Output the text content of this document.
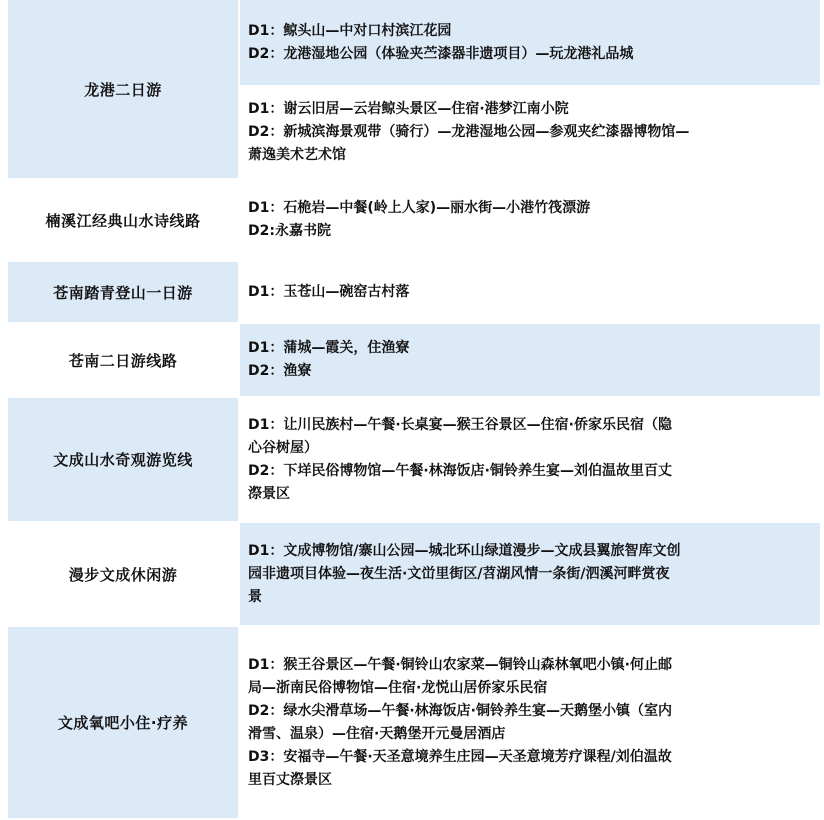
龙港二日游
D1：鲸头山—中对口村滨江花园
D2：龙港湿地公园（体验夹苎漆器非遗项目）—玩龙港礼品城
D1：谢云旧居—云岩鲸头景区—住宿·港梦江南小院
D2：新城滨海景观带（骑行）—龙港湿地公园—参观夹纻漆器博物馆—
萧逸美术艺术馆
楠溪江经典山水诗线路
D1：石桅岩—中餐(岭上人家)—丽水街—小港竹筏漂游
D2:永嘉书院
苍南踏青登山一日游	D1：玉苍山—碗窑古村落
苍南二日游线路
D1：蒲城—霞关，住渔寮
D2：渔寮
文成山水奇观游览线
D1：让川民族村—午餐·长桌宴—猴王谷景区—住宿·侨家乐民宿（隐
心谷树屋）
D2：下垟民俗博物馆—午餐·林海饭店·铜铃养生宴—刘伯温故里百丈
漈景区
漫步文成休闲游
D1：文成博物馆/寨山公园—城北环山绿道漫步—文成县翼旅智库文创
园非遗项目体验—夜生活·文峃里街区/苕湖风情一条街/泗溪河畔赏夜
景
文成氧吧小住·疗养
D1：猴王谷景区—午餐·铜铃山农家菜—铜铃山森林氧吧小镇·何止邮
局—浙南民俗博物馆—住宿·龙悦山居侨家乐民宿
D2：绿水尖滑草场—午餐·林海饭店·铜铃养生宴—天鹅堡小镇（室内
滑雪、温泉）—住宿·天鹅堡开元曼居酒店
D3：安福寺—午餐·天圣意境养生庄园—天圣意境芳疗课程/刘伯温故
里百丈漈景区
